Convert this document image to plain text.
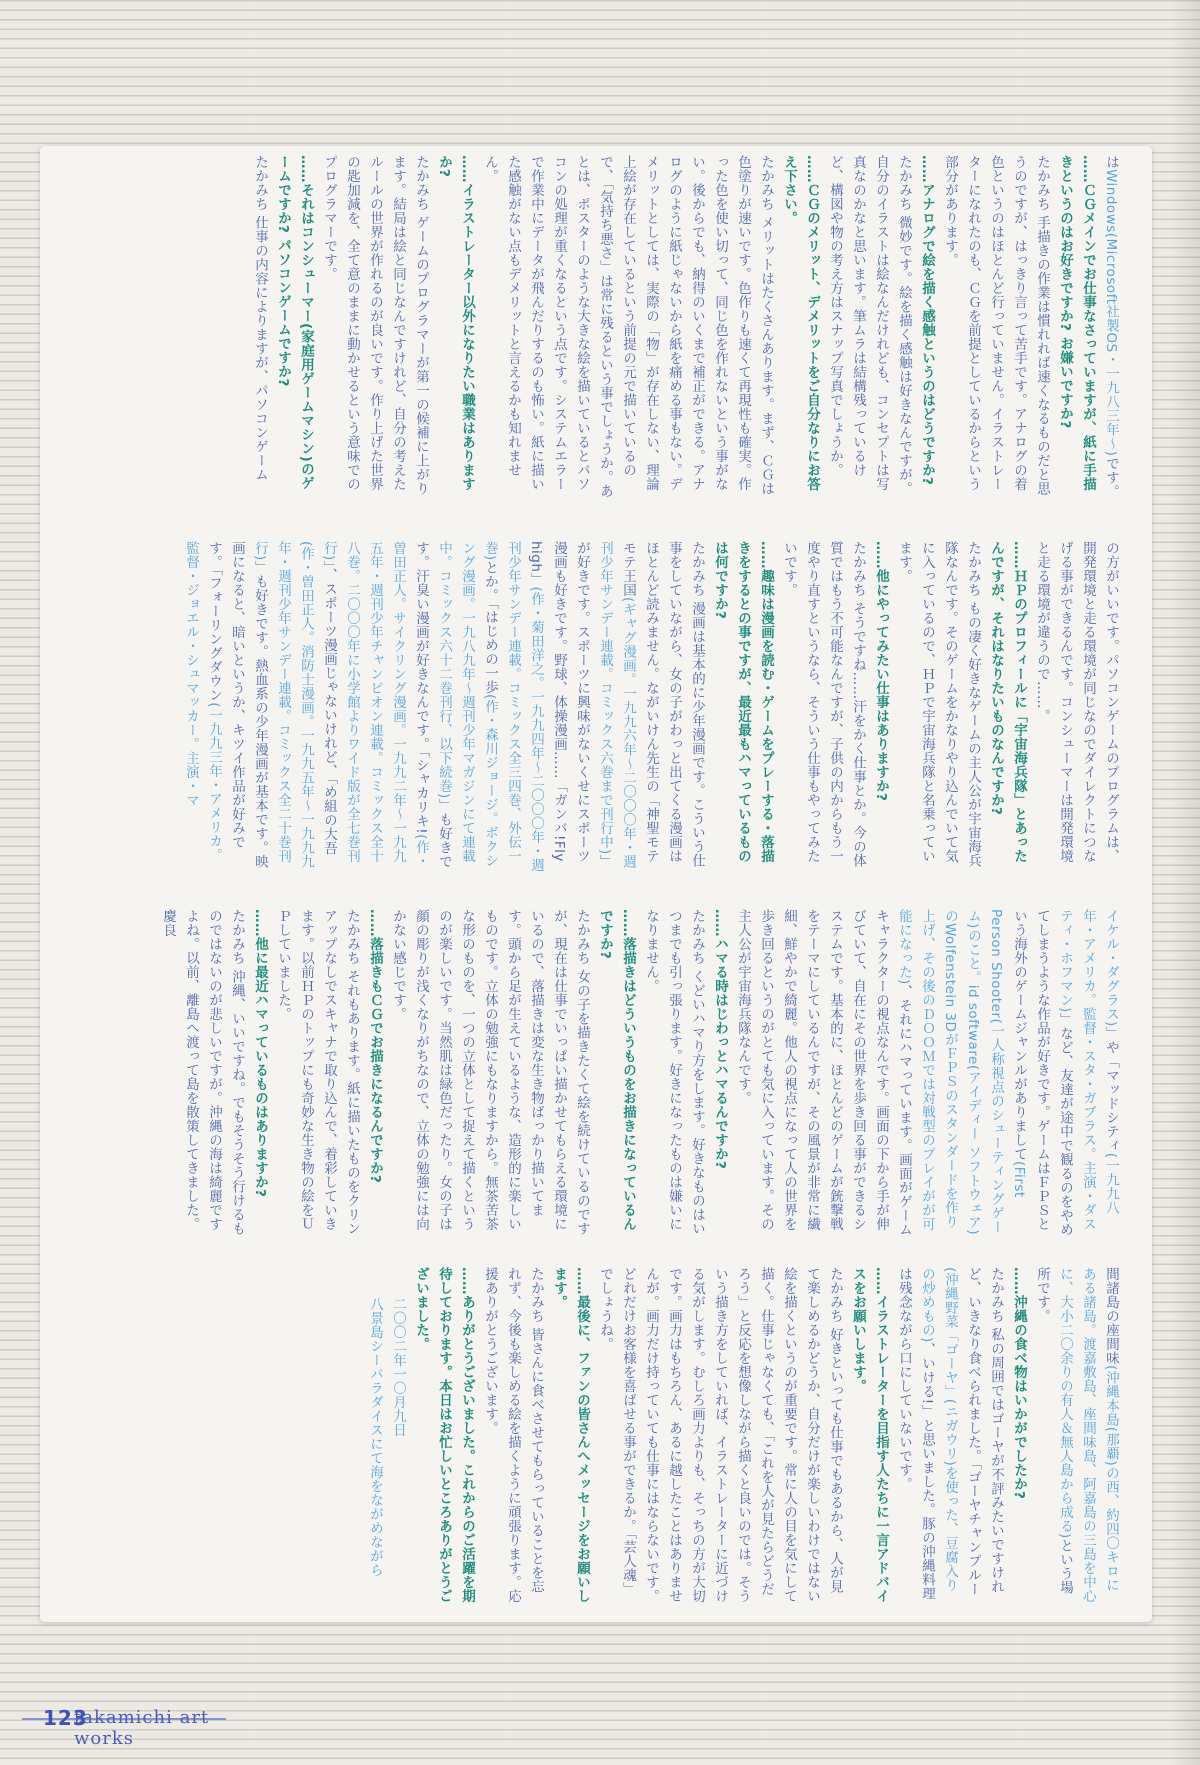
はWindows(Microsoft社製ОS・一九八三年〜)です。

……ＣＧメインでお仕事なさっていますが、紙に手描きというのはお好きですか? お嫌いですか?

たかみち 手描きの作業は慣れれば速くなるものだと思うのですが、はっきり言って苦手です。アナログの着色というのはほとんど行っていません。イラストレーターになれたのも、ＣＧを前提としているからという部分があります。

……アナログで絵を描く感触というのはどうですか?

たかみち 微妙です。絵を描く感触は好きなんですが。自分のイラストは絵なんだけれども、コンセプトは写真なのかなと思います。筆ムラは結構残っているけど、構図や物の考え方はスナップ写真でしょうか。

……ＣＧのメリット、デメリットをご自分なりにお答え下さい。

たかみち メリットはたくさんあります。まず、ＣＧは色塗りが速いです。色作りも速くて再現性も確実。作った色を使い切って、同じ色を作れないという事がない。後からでも、納得のいくまで補正ができる。アナログのように紙じゃないから紙を痛める事もない。デメリットとしては、実際の「物」が存在しない、理論上絵が存在しているという前提の元で描いているので、「気持ち悪さ」は常に残るという事でしょうか。あとは、ポスターのような大きな絵を描いているとパソコンの処理が重くなるという点です。システムエラーで作業中にデータが飛んだりするのも怖い。紙に描いた感触がない点もデメリットと言えるかも知れません。

……イラストレーター以外になりたい職業はありますか?

たかみち ゲームのプログラマーが第一の候補に上がります。結局は絵と同じなんですけれど、自分の考えたルールの世界が作れるのが良いです。作り上げた世界の匙加減を、全て意のままに動かせるという意味でのプログラマーです。

……それはコンシューマー(家庭用ゲームマシン)のゲームですか? パソコンゲームですか?

たかみち 仕事の内容によりますが、パソコンゲーム

の方がいいです。パソコンゲームのプログラムは、開発環境と走る環境が同じなのでダイレクトにつなげる事ができるんです。コンシューマーは開発環境と走る環境が違うので……。

……ＨＰのプロフィールに「宇宙海兵隊」とあったんですが、それはなりたいものなんですか?

たかみち もの凄く好きなゲームの主人公が宇宙海兵隊なんです。そのゲームをかなりやり込んでいて気に入っているので、ＨＰで宇宙海兵隊と名乗っています。

……他にやってみたい仕事はありますか?

たかみち そうですね……汗をかく仕事とか。今の体質ではもう不可能なんですが、子供の内からもう一度やり直すというなら、そういう仕事もやってみたいです。

……趣味は漫画を読む・ゲームをプレーする・落描きをするとの事ですが、最近最もハマっているものは何ですか?

たかみち 漫画は基本的に少年漫画です。こういう仕事をしていながら、女の子がわっと出てくる漫画はほとんど読みません。ながいけん先生の「神聖モテモテ王国(ギャグ漫画。一九九六年〜二〇〇〇年・週刊少年サンデー連載。コミックス六巻まで刊行中)」が好きです。スポーツに興味がないくせにスポーツ漫画も好きです。野球、体操漫画……「ガンバ!Fly high」(作・菊田洋之。一九九四年〜二〇〇〇年・週刊少年サンデー連載。コミックス全三四巻、外伝一巻)とか。「はじめの一歩(作・森川ジョージ。ボクシング漫画。一九八九年〜週刊少年マガジンにて連載中。コミックス六十二巻刊行、以下続巻)」も好きです。汗臭い漫画が好きなんです。「シャカリキ!(作・曽田正人。サイクリング漫画。一九九二年〜一九九五年・週刊少年チャンピオン連載。コミックス全十八巻。二〇〇〇年に小学館よりワイド版が全七巻刊行)」、スポーツ漫画じゃないけれど、「め組の大吾(作・曽田正人。消防士漫画。一九九五年〜一九九九年・週刊少年サンデー連載。コミックス全二十巻刊行)」も好きです。熱血系の少年漫画が基本です。映画になると、暗いというか、キツイ作品が好みです。「フォーリングダウン(一九九三年・アメリカ。監督・ジョエル・シュマッカー。主演・マ

イケル・ダグラス)」や「マッドシティ(一九九八年・アメリカ。監督・スタ・ガブラス。主演・ダスティ・ホフマン)」など、友達が途中で観るのをやめてしまうような作品が好きです。ゲームはＦＰＳという海外のゲームジャンルがありまして(First Person Shooter(一人称視点のシューティングゲーム)のこと。id software(アイディー ソフトウェア)のWolfenstein 3DがＦＰＳのスタンダードを作り上げ、その後のＤＯＯＭでは対戦型のプレイがが可能になった)、それにハマっています。画面がゲームキャラクターの視点なんです。画面の下から手が伸びていて、自在にその世界を歩き回る事ができるシステムです。基本的に、ほとんどのゲームが銃撃戦をテーマにしているんですが、その風景が非常に繊細、鮮やかで綺麗。他人の視点になって人の世界を歩き回るというのがとても気に入っています。その主人公が宇宙海兵隊なんです。

……ハマる時はじわっとハマるんですか?

たかみち くどいハマり方をします。好きなものはいつまでも引っ張ります。好きになったものは嫌いになりません。

……落描きはどういうものをお描きになっているんですか?

たかみち 女の子を描きたくて絵を続けているのですが、現在は仕事でいっぱい描かせてもらえる環境にいるので、落描きは変な生き物ばっかり描いてます。頭から足が生えているような、造形的に楽しいものです。立体の勉強にもなりますから。無茶苦茶な形のものを、一つの立体として捉えて描くというのが楽しいです。当然肌は緑色だったり。女の子は顔の彫りが浅くなりがちなので、立体の勉強には向かない感じです。

……落描きもＣＧでお描きになるんですか?

たかみち それもあります。紙に描いたものをクリンアップなしでスキャナで取り込んで、着彩していきます。以前ＨＰのトップにも奇妙な生き物の絵をＵＰしていました。

……他に最近ハマっているものはありますか?

たかみち 沖縄、いいですね。でもそうそう行けるものではないのが悲しいですが。沖縄の海は綺麗ですよね。以前、離島へ渡って島を散策してきました。慶良

間諸島の座間味(沖縄本島(那覇)の西、約四〇キロにある諸島。渡嘉敷島、座間味島、阿嘉島の三島を中心に、大小二〇余りの有人＆無人島から成る)という場所です。

……沖縄の食べ物はいかがでしたか?

たかみち 私の周囲ではゴーヤが不評みたいですけれど、いきなり食べられました。「ゴーヤチャンプルー(沖縄野菜「ゴーヤ」(ニガウリ)を使った、豆腐入りの炒めもの)、いける!」と思いました。豚の沖縄料理は残念ながら口にしていないです。

……イラストレーターを目指す人たちに一言アドバイスをお願いします。

たかみち 好きといっても仕事でもあるから、人が見て楽しめるかどうか、自分だけが楽しいわけではない絵を描くというのが重要です。常に人の目を気にして描く。仕事じゃなくても、「これを人が見たらどうだろう」と反応を想像しながら描くと良いのでは。そういう描き方をしていれば、イラストレーターに近づける気がします。むしろ画力よりも、そっちの方が大切です。画力はもちろん、あるに越したことはありませんが。画力だけ持っていても仕事にはならないです。どれだけお客様を喜ばせる事ができるか。「芸人魂」でしょうね。

……最後に、ファンの皆さんへメッセージをお願いします。

たかみち 皆さんに食べさせてもらっていることを忘れず、今後も楽しめる絵を描くように頑張ります。応援ありがとうございます。

……ありがとうございました。これからのご活躍を期待しております。本日はお忙しいところありがとうございました。

二〇〇二年一〇月九日

八景島シーパラダイスにて海をながめながら

123
takamichi art works
